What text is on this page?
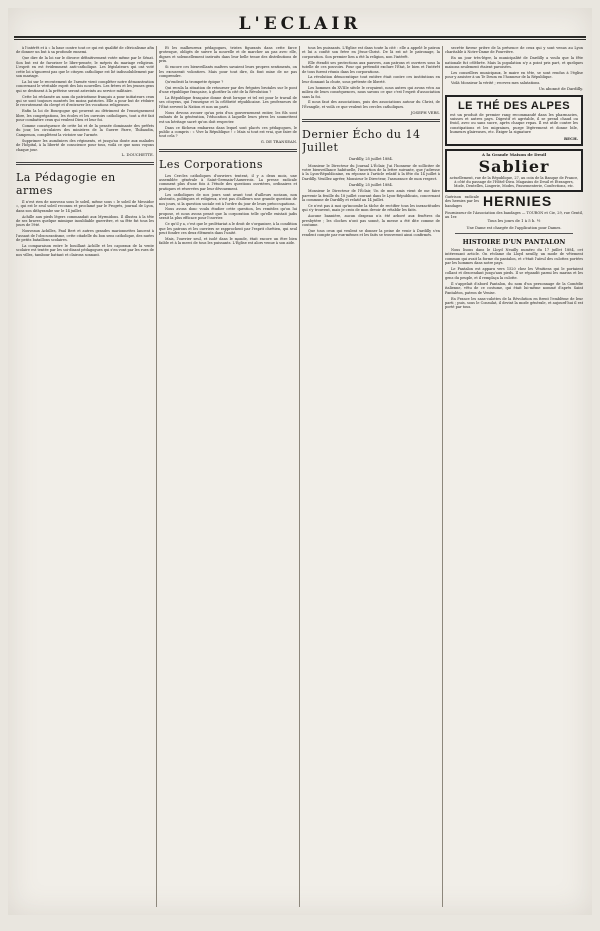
L'ECLAIR

à l'intérêt et à « la base contre tout ce qui est qualifié de cléricalisme afin de donner un but à sa profonde ennemi.

Que dire de la loi sur le divorce définitivement votée même par le Sénat. Son but est de favoriser le libre-pensée, le mépris du mariage religieux. L'esprit en est évidemment anti-catholique. Les législateurs qui ont voté cette loi n'ignorent pas que le citoyen catholique est lié indissolublement par son mariage.

La loi sur le recrutement de l'armée vient compléter notre démonstration concernant le véritable esprit des lois nouvelles. Les frères et les jeunes gens qui se destinent à la prêtrise seront astreints au service militaire.

Cette loi réclamée au nom du patriotisme français a pour initiateurs ceux qui se sont toujours montrés les moins patriotes. Elle a pour but de réduire le recrutement du clergé et d'entraver les vocations religieuses.

Enfin la loi de Bourgogne qui peuvent au détriment de l'enseignement libre, les congrégations, les écoles et les ouvroirs catholiques, tout a été fait pour combattre ceux qui veulent Dieu et leur foi.

Comme conséquence de cette loi et de la pensée dominante des préfets du jour, les circulaires des ministres de la Guerre Farre, Thibaudin, Campenon, complètent la victoire sur l'armée.

Supprimer les aumôniers des régiments, et jusqu'au doute aux malades de l'hôpital, à la liberté de conscience pour tous, voilà ce que nous voyons chaque jour.

L. DOUCHETTE.
La Pédagogie en armes

Il n'est rien de nouveau sous le soleil, même sous « le soleil de Messidor », qui est le seul soleil reconnu et proclamé par le Progrès, journal de Lyon, dans son dithyrambe sur le 14 juillet.

Achille aux pieds légers commandait aux Myrmidons. Il illustra à la tête de ses braves quelque mimique inoubliable guerrière, et sa fête fut tous les jours de l'été.

Nouveaux Achilles, Paul Bert et autres grandes marionnettes lancent à l'assaut de l'obscurantisme, cette citadelle du bon sens catholique, des nuées de petits bataillons scolaires.

La comparaison entre le bouillant Achille et les caporaux de la vente scolaire est tentée par les soi-disant pédagogues qui s'en vont par les rues de nos villes, tambour battant et clairons sonnant.

Et les malheureux pédagogues, tristes figurants dans cette farce grotesque, obligés de suivre la nouvelle et de marcher au pas avec elle, dignes et solennellement instruits dans leur belle tenue des distributions de prix.

Si encore ces bienveillants maîtres savaient leurs propres sentiments, on les excuserait volontiers. Mais pour tout dire, ils font mine de ne pas comprendre.

Qu'endroit la trompette épique ?

Qui recula la situation de retourner par des frégates brutales sur le pont d'une république française, à glorifier la cité de la Révolution ?

La République française donne droit lorsque et tel est pour le travail de ses citoyens, qui l'enseigne et la célébrité républicaine. Les professeurs de l'État servent la Nation et non un parti.

Nous devons avouer qu'au prix d'un gouvernement entier, les fils sont enfants de la génération, l'éducation à laquelle leurs pères les soumettent est un héritage sacré qu'on doit respecter.

Dans ce fâcheux embarras dans lequel sont placés ces pédagogues, le public a compris : « Vive la République ! » Mais si tout est vrai, que faire de tout cela ?

G. DE TRANSEAN.
Les Corporations

Les Cercles catholiques d'ouvriers tentent, il y a deux mois, une assemblée générale à Saint-Germain-l'Auxerrois. La presse radicale comment plus d'une fois à l'étude des questions ouvrières, ordinaires et pratiques et réservées par leur dévouement.

Les catholiques de nos jours sont avant tout d'ailleurs sociaux, non abstraits, politiques et religieux, n'est pas d'ailleurs une grande question de nos jours, si la question sociale est à l'ordre du jour de leurs préoccupations.

Nous avons donc voulu étudier cette question, les remèdes qu'on lui propose, et nous avons pensé que la corporation telle qu'elle existait jadis serait la plus efficace pour l'ouvrier.

Ce qu'il y a, c'est que le prolétariat a le droit de s'organiser, à la condition que les patrons et les ouvriers se rapprochent par l'esprit chrétien, qui seul peut fondre ces deux éléments dans l'unité.

Mais, l'ouvrier seul, et isolé dans le monde, était encore un être bien faible et à la merci de tous les puissants. L'Église est alors venue à son aide.

tous les puissants. L'Église est dans toute la cité : elle a appelé le patron et lui a confié son frère en Jésus-Christ. De là est né le patronage, la corporation. Son premier lien a été la religion, non l'intérêt.

Elle étendit ses protections aux pauvres, aux patrons et ouvriers sous la tutelle de ces pouvoirs. Pour qui prétendit exclure l'État, le bien et l'intérêt de tous furent réunis dans les corporations.

La révolution démocratique tout entière était contre ces institutions en leur donnant la chute, sous prétexte de liberté.

Les hommes du XVIIIe siècle le croyaient, nous autres qui avons vécu au milieu de leurs conséquences, nous savons ce que c'est l'esprit d'association sans la foi.

Il nous faut des associations, puis des associations autour du Christ, de l'Évangile, et voilà ce que veulent les cercles catholiques.

JOSEPH VERS.
Dernier Écho du 14 Juillet
Dardilly, 25 juillet 1884.

Monsieur le Directeur du Journal L'Éclair, J'ai l'honneur de solliciter de votre bienveillance habituelle, l'insertion de la lettre suivante, que j'adresse à la Lyon-Républicaine, en réponse à l'article relatif à la fête du 14 juillet à Dardilly. Veuillez agréer, Monsieur le Directeur, l'assurance de mon respect.

Dardilly, 25 juillet 1884.

Monsieur le Directeur de l'Éclair, Un de mes amis vient de me faire parvenir la feuille du 18 juillet courant dans le Lyon-Républicain, concernant la commune de Dardilly et relatif au 14 juillet.

Ce n'est pas à moi qu'incombe la tâche de rectifier tous les inexactitudes qui s'y trouvent, mais je crois de mon devoir de rétablir les faits.

Aucune bannière, aucun drapeau n'a été arboré aux fenêtres du presbytère ; les cloches n'ont pas sonné, la messe a été dite comme de coutume.

Que tous ceux qui veulent se donner la peine de venir à Dardilly s'en rendent compte par eux-mêmes et les faits se trouveront ainsi confirmés.

secrète faveur prière de la présence de ceux qui y sont venus au Lyon charitable à Notre-Dame de Fourvière.

En un jour très-léger, la municipalité de Dardilly a voulu que la fête nationale fut célébrée. Mais la population n'y a point pris part, et quelques maisons seulement étaient pavoisées.

Les conseillers municipaux, le maire en tête, se sont rendus à l'église pour y assister à un Te Deum en l'honneur de la République.

Voilà Monsieur la vérité ; recevez mes salutations.

Un abonné de Dardilly.
LE THÉ DES ALPES
est un produit de premier rang recommandé dans les pharmacies, suisses et autres pays. Digestif et agréable, il se prend chaud ou froid, avec ou sans sucre, après chaque repas. Il est utile contre les constipations et les migraines, purge légèrement et donne bile, humeurs glaireuses, etc. Exiger la signature
RECH.
A la Grande Maison de Deuil
Sablier
actuellement, rue de la République, 27, au coin de la Banque de France, à côté du passage de l'Hôtel-Dieu. Magasins de Deuil et Étrangers, Mode, Dentelles, Lingerie, Modes, Passementerie, Confections, etc.
Guérison radicale des hernies par les bandages	HERNIES
Fournisseur de l'Association des bandages — TOURON et Cie, 29, rue Gentil, au 1er.
Tous les jours de 1 à 5 h. ½
Une Dame est chargée de l'application pour Dames.
HISTOIRE D'UN PANTALON

Nous lisons dans le Lloyd Neuilly numéro du 17 juillet 1884, cet intéressant article. On réclame du Lloyd neuilly, un mode de vêtement commun qui avait la forme du pantalon, et c'était l'aïeul des culottes portées par les hommes dans notre pays.

Le Pantalon est apparu vers 1520 chez les Vénitiens qui le portaient collant et descendant jusqu'aux pieds. Il se répandit parmi les marins et les gens du peuple, et il remplaça la culotte.

Il s'appelait d'abord Pantalon, du nom d'un personnage de la Comédie italienne, vêtu de ce costume, qui était lui-même nommé d'après Saint Pantaléon, patron de Venise.

En France les sans-culottes de la Révolution en firent l'emblème de leur parti ; puis, sous le Consulat, il devint la mode générale, et aujourd'hui il est porté par tous.
